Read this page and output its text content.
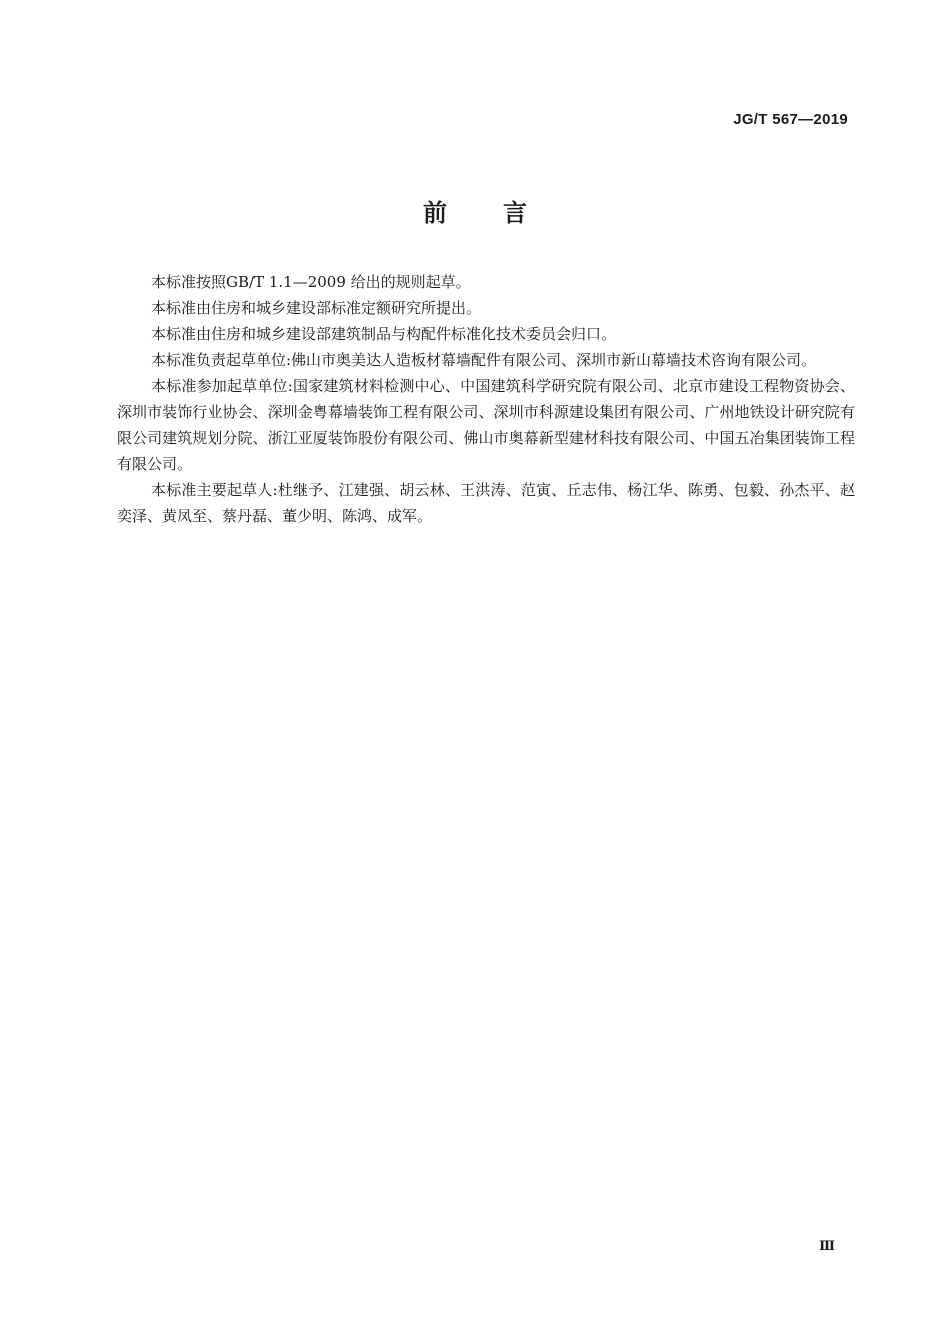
JG/T 567—2019
前言

本标准按照GB/T 1.1—2009 给出的规则起草。

本标准由住房和城乡建设部标准定额研究所提出。

本标准由住房和城乡建设部建筑制品与构配件标准化技术委员会归口。

本标准负责起草单位:佛山市奥美达人造板材幕墙配件有限公司、深圳市新山幕墙技术咨询有限公司。

本标准参加起草单位:国家建筑材料检测中心、中国建筑科学研究院有限公司、北京市建设工程物资协会、深圳市装饰行业协会、深圳金粤幕墙装饰工程有限公司、深圳市科源建设集团有限公司、广州地铁设计研究院有限公司建筑规划分院、浙江亚厦装饰股份有限公司、佛山市奥幕新型建材科技有限公司、中国五冶集团装饰工程有限公司。

本标准主要起草人:杜继予、江建强、胡云林、王洪涛、范寅、丘志伟、杨江华、陈勇、包毅、孙杰平、赵奕泽、黄凤至、蔡丹磊、董少明、陈鸿、成军。

Ⅲ
